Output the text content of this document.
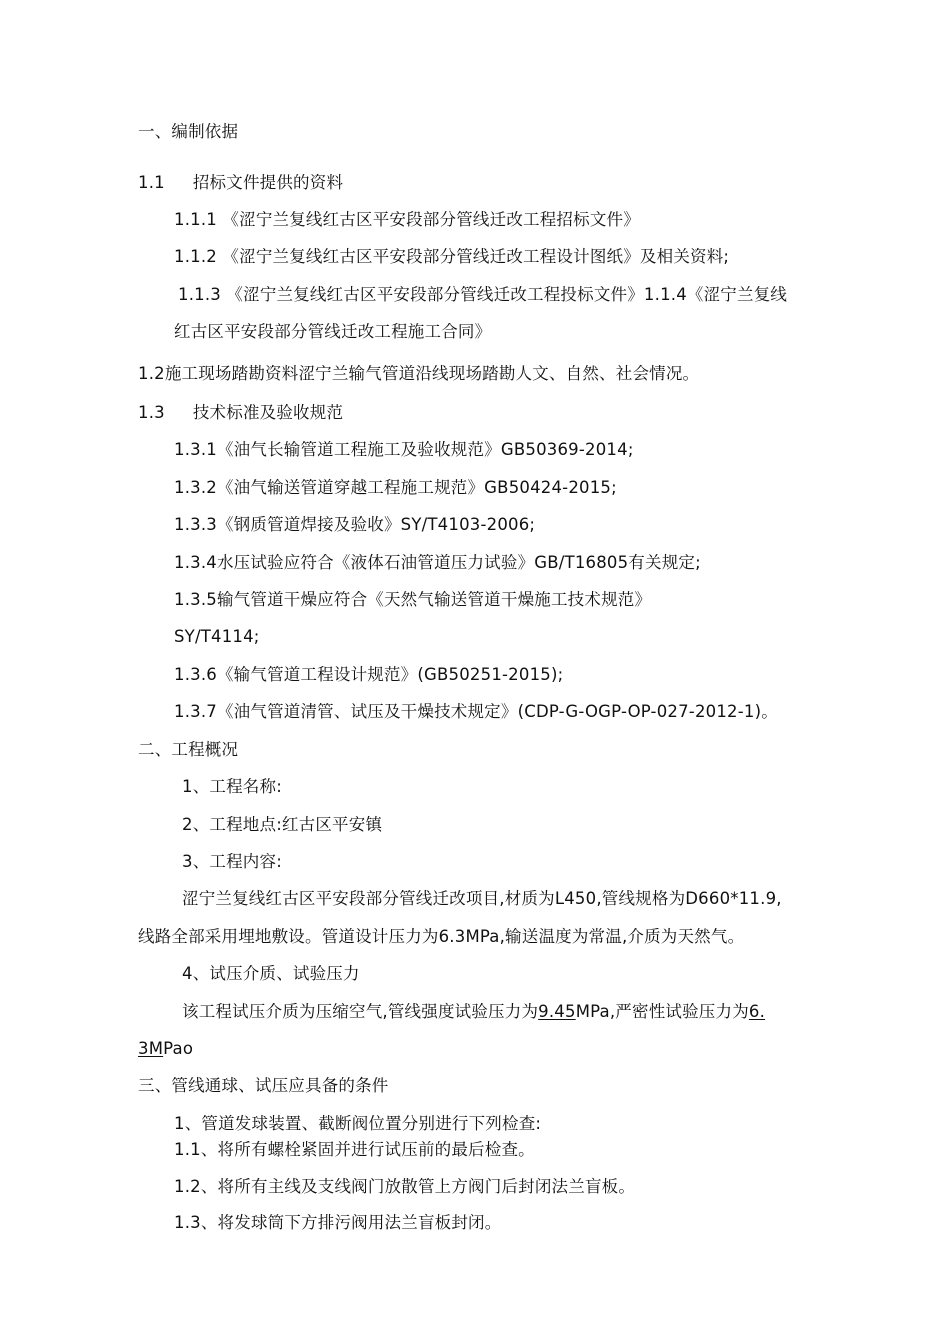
一、编制依据
1.1 招标文件提供的资料
1.1.1 《涩宁兰复线红古区平安段部分管线迁改工程招标文件》
1.1.2 《涩宁兰复线红古区平安段部分管线迁改工程设计图纸》及相关资料;
1.1.3 《涩宁兰复线红古区平安段部分管线迁改工程投标文件》1.1.4《涩宁兰复线
红古区平安段部分管线迁改工程施工合同》
1.2施工现场踏勘资料涩宁兰输气管道沿线现场踏勘人文、自然、社会情况。
1.3 技术标准及验收规范
1.3.1《油气长输管道工程施工及验收规范》GB50369-2014;
1.3.2《油气输送管道穿越工程施工规范》GB50424-2015;
1.3.3《钢质管道焊接及验收》SY/T4103-2006;
1.3.4水压试验应符合《液体石油管道压力试验》GB/T16805有关规定;
1.3.5输气管道干燥应符合《天然气输送管道干燥施工技术规范》
SY/T4114;
1.3.6《输气管道工程设计规范》(GB50251-2015);
1.3.7《油气管道清管、试压及干燥技术规定》(CDP-G-OGP-OP-027-2012-1)。
二、工程概况
1、工程名称:
2、工程地点:红古区平安镇
3、工程内容:
涩宁兰复线红古区平安段部分管线迁改项目,材质为L450,管线规格为D660*11.9,
线路全部采用埋地敷设。管道设计压力为6.3MPa,输送温度为常温,介质为天然气。
4、试压介质、试验压力
该工程试压介质为压缩空气,管线强度试验压力为9.45MPa,严密性试验压力为6.
3MPao
三、管线通球、试压应具备的条件
1、管道发球装置、截断阀位置分别进行下列检查:
1.1、将所有螺栓紧固并进行试压前的最后检查。
1.2、将所有主线及支线阀门放散管上方阀门后封闭法兰盲板。
1.3、将发球筒下方排污阀用法兰盲板封闭。
